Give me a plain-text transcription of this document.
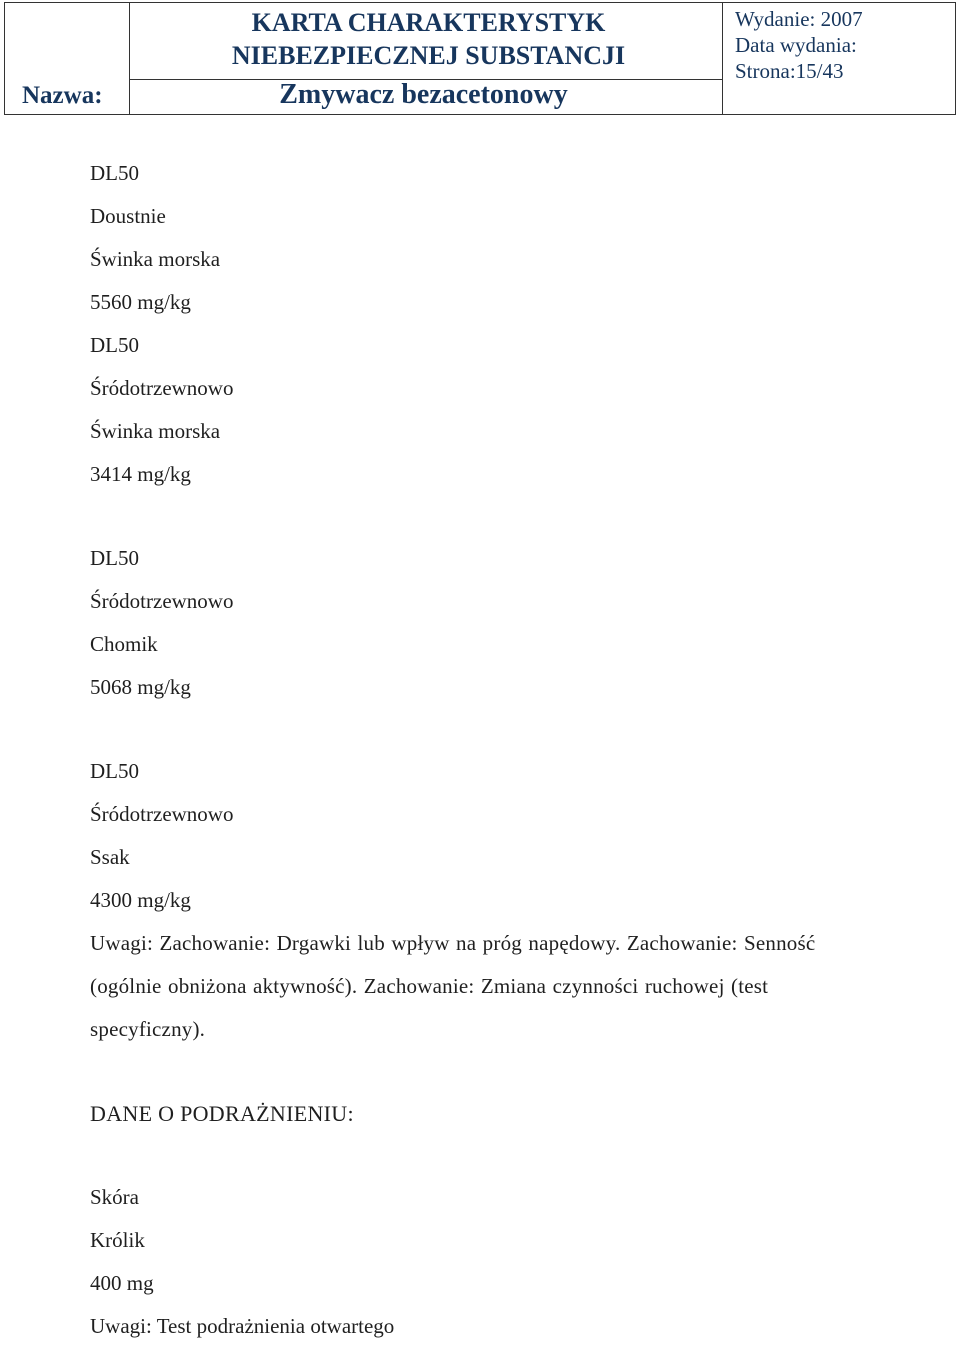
KARTA CHARAKTERYSTYK
NIEBEZPIECZNEJ SUBSTANCJI
Wydanie: 2007
Data wydania:
Strona:15/43
Nazwa:	Zmywacz bezacetonowy
DL50
Doustnie
Świnka morska
5560 mg/kg
DL50
Śródotrzewnowo
Świnka morska
3414 mg/kg
DL50
Śródotrzewnowo
Chomik
5068 mg/kg
DL50
Śródotrzewnowo
Ssak
4300 mg/kg
Uwagi: Zachowanie: Drgawki lub wpływ na próg napędowy. Zachowanie: Senność
(ogólnie obniżona aktywność). Zachowanie: Zmiana czynności ruchowej (test
specyficzny).
DANE O PODRAŻNIENIU:
Skóra
Królik
400 mg
Uwagi: Test podrażnienia otwartego
